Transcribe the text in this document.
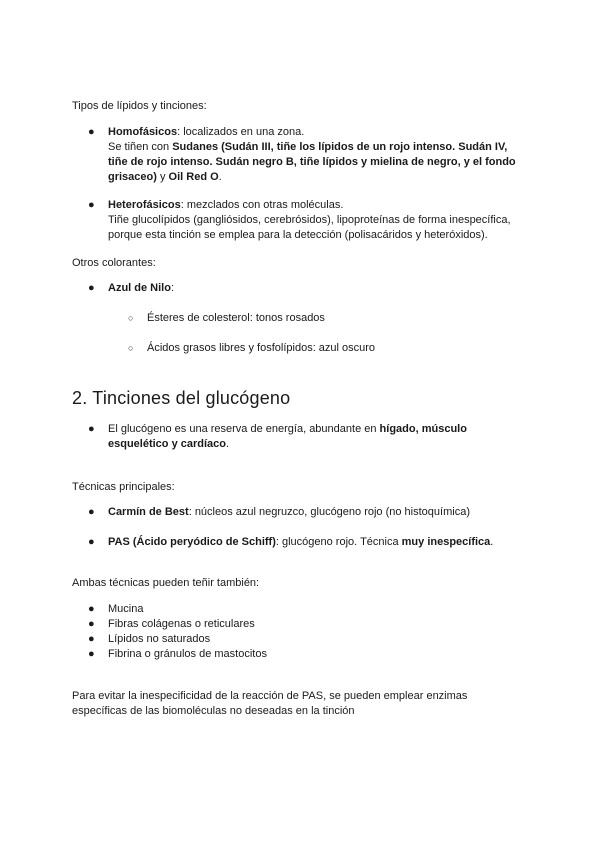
Tipos de lípidos y tinciones:
●	Homofásicos: localizados en una zona.
Se tiñen con Sudanes (Sudán III, tiñe los lípidos de un rojo intenso. Sudán IV,
tiñe de rojo intenso. Sudán negro B, tiñe lípidos y mielina de negro, y el fondo
grisaceo) y Oil Red O.
●	Heterofásicos: mezclados con otras moléculas.
Tiñe glucolípidos (gangliósidos, cerebrósidos), lipoproteínas de forma inespecífica,
porque esta tinción se emplea para la detección (polisacáridos y heteróxidos).
Otros colorantes:
●	Azul de Nilo:
○ Ésteres de colesterol: tonos rosados
○ Ácidos grasos libres y fosfolípidos: azul oscuro
2. Tinciones del glucógeno
●	El glucógeno es una reserva de energía, abundante en hígado, músculo
esquelético y cardíaco.
Técnicas principales:
●	Carmín de Best: núcleos azul negruzco, glucógeno rojo (no histoquímica)
●	PAS (Ácido peryódico de Schiff): glucógeno rojo. Técnica muy inespecífica.
Ambas técnicas pueden teñir también:
●	Mucina
●	Fibras colágenas o reticulares
●	Lípidos no saturados
●	Fibrina o gránulos de mastocitos
Para evitar la inespecificidad de la reacción de PAS, se pueden emplear enzimas
específicas de las biomoléculas no deseadas en la tinción
